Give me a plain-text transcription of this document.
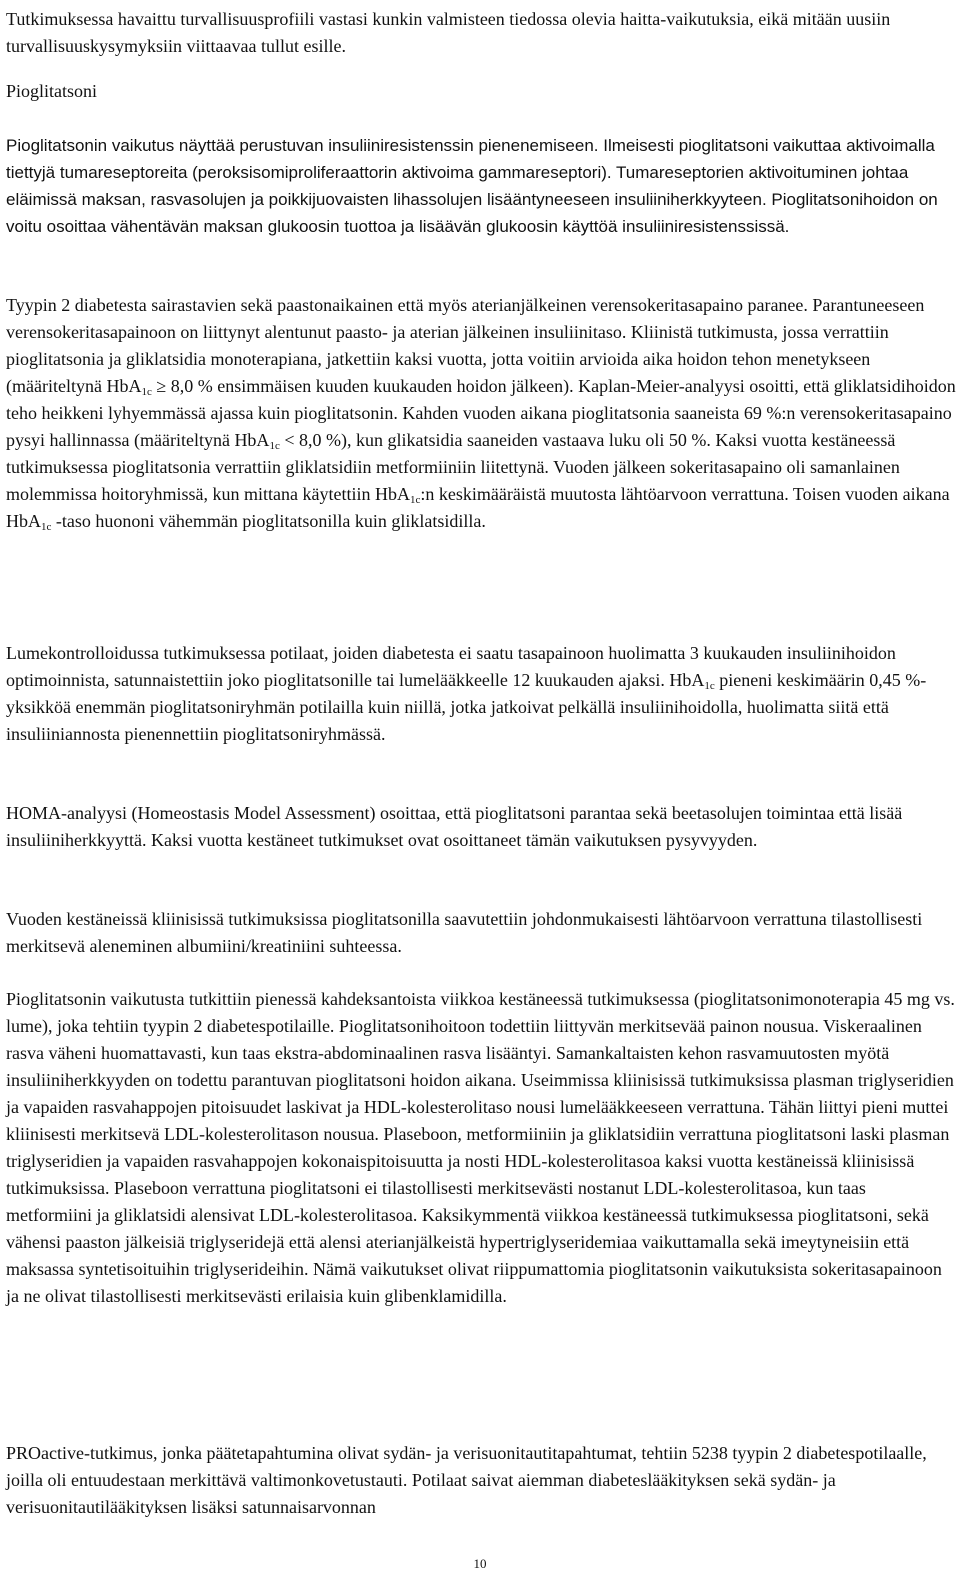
Tutkimuksessa havaittu turvallisuusprofiili vastasi kunkin valmisteen tiedossa olevia haitta-vaikutuksia, eikä mitään uusiin turvallisuuskysymyksiin viittaavaa tullut esille.

Pioglitatsoni

Pioglitatsonin vaikutus näyttää perustuvan insuliiniresistenssin pienenemiseen. Ilmeisesti pioglitatsoni vaikuttaa aktivoimalla tiettyjä tumareseptoreita (peroksisomiproliferaattorin aktivoima gammareseptori). Tumareseptorien aktivoituminen johtaa eläimissä maksan, rasvasolujen ja poikkijuovaisten lihassolujen lisääntyneeseen insuliiniherkkyyteen. Pioglitatsonihoidon on voitu osoittaa vähentävän maksan glukoosin tuottoa ja lisäävän glukoosin käyttöä insuliiniresistenssissä.

Tyypin 2 diabetesta sairastavien sekä paastonaikainen että myös aterianjälkeinen verensokeritasapaino paranee. Parantuneeseen verensokeritasapainoon on liittynyt alentunut paasto- ja aterian jälkeinen insuliinitaso. Kliinistä tutkimusta, jossa verrattiin pioglitatsonia ja gliklatsidia monoterapiana, jatkettiin kaksi vuotta, jotta voitiin arvioida aika hoidon tehon menetykseen (määriteltynä HbA$_{1c}$ ≥ 8,0 % ensimmäisen kuuden kuukauden hoidon jälkeen). Kaplan-Meier-analyysi osoitti, että gliklatsidihoidon teho heikkeni lyhyemmässä ajassa kuin pioglitatsonin. Kahden vuoden aikana pioglitatsonia saaneista 69 %:n verensokeritasapaino pysyi hallinnassa (määriteltynä HbA$_{1c}$ < 8,0 %), kun glikatsidia saaneiden vastaava luku oli 50 %. Kaksi vuotta kestäneessä tutkimuksessa pioglitatsonia verrattiin gliklatsidiin metformiiniin liitettynä. Vuoden jälkeen sokeritasapaino oli samanlainen molemmissa hoitoryhmissä, kun mittana käytettiin HbA$_{1c}$:n keskimääräistä muutosta lähtöarvoon verrattuna. Toisen vuoden aikana HbA$_{1c}$ -taso huononi vähemmän pioglitatsonilla kuin gliklatsidilla.

Lumekontrolloidussa tutkimuksessa potilaat, joiden diabetesta ei saatu tasapainoon huolimatta 3 kuukauden insuliinihoidon optimoinnista, satunnaistettiin joko pioglitatsonille tai lumelääkkeelle 12 kuukauden ajaksi. HbA$_{1c}$ pieneni keskimäärin 0,45 %-yksikköä enemmän pioglitatsoniryhmän potilailla kuin niillä, jotka jatkoivat pelkällä insuliinihoidolla, huolimatta siitä että insuliiniannosta pienennettiin pioglitatsoniryhmässä.

HOMA-analyysi (Homeostasis Model Assessment) osoittaa, että pioglitatsoni parantaa sekä beetasolujen toimintaa että lisää insuliiniherkkyyttä. Kaksi vuotta kestäneet tutkimukset ovat osoittaneet tämän vaikutuksen pysyvyyden.

Vuoden kestäneissä kliinisissä tutkimuksissa pioglitatsonilla saavutettiin johdonmukaisesti lähtöarvoon verrattuna tilastollisesti merkitsevä aleneminen albumiini/kreatiniini suhteessa.

Pioglitatsonin vaikutusta tutkittiin pienessä kahdeksantoista viikkoa kestäneessä tutkimuksessa (pioglitatsonimonoterapia 45 mg vs. lume), joka tehtiin tyypin 2 diabetespotilaille. Pioglitatsonihoitoon todettiin liittyvän merkitsevää painon nousua. Viskeraalinen rasva väheni huomattavasti, kun taas ekstra-abdominaalinen rasva lisääntyi. Samankaltaisten kehon rasvamuutosten myötä insuliiniherkkyyden on todettu parantuvan pioglitatsoni hoidon aikana. Useimmissa kliinisissä tutkimuksissa plasman triglyseridien ja vapaiden rasvahappojen pitoisuudet laskivat ja HDL-kolesterolitaso nousi lumelääkkeeseen verrattuna. Tähän liittyi pieni muttei kliinisesti merkitsevä LDL-kolesterolitason nousua. Plaseboon, metformiiniin ja gliklatsidiin verrattuna pioglitatsoni laski plasman triglyseridien ja vapaiden rasvahappojen kokonaispitoisuutta ja nosti HDL-kolesterolitasoa kaksi vuotta kestäneissä kliinisissä tutkimuksissa. Plaseboon verrattuna pioglitatsoni ei tilastollisesti merkitsevästi nostanut LDL-kolesterolitasoa, kun taas metformiini ja gliklatsidi alensivat LDL-kolesterolitasoa. Kaksikymmentä viikkoa kestäneessä tutkimuksessa pioglitatsoni, sekä vähensi paaston jälkeisiä triglyseridejä että alensi aterianjälkeistä hypertriglyseridemiaa vaikuttamalla sekä imeytyneisiin että maksassa syntetisoituihin triglyserideihin. Nämä vaikutukset olivat riippumattomia pioglitatsonin vaikutuksista sokeritasapainoon ja ne olivat tilastollisesti merkitsevästi erilaisia kuin glibenklamidilla.

PROactive-tutkimus, jonka päätetapahtumina olivat sydän- ja verisuonitautitapahtumat, tehtiin 5238 tyypin 2 diabetespotilaalle, joilla oli entuudestaan merkittävä valtimonkovetustauti. Potilaat saivat aiemman diabeteslääkityksen sekä sydän- ja verisuonitautilääkityksen lisäksi satunnaisarvonnan

10
